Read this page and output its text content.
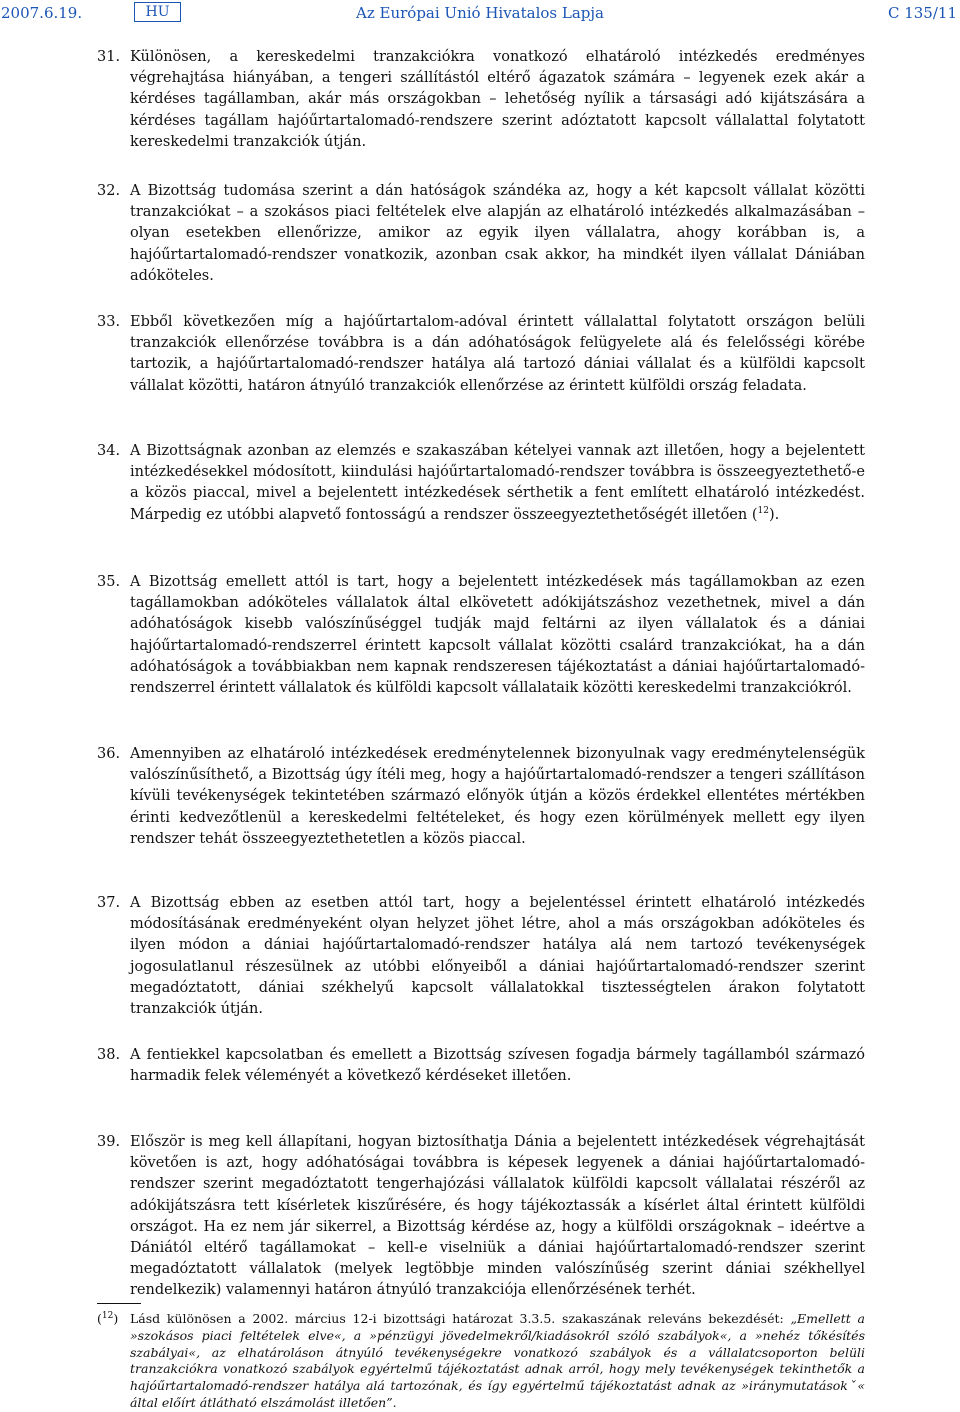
2007.6.19.	HU	Az Európai Unió Hivatalos Lapja	C 135/11
31. Különösen, a kereskedelmi tranzakciókra vonatkozó elhatároló intézkedés eredményes végrehajtása hiányában, a tengeri szállítástól eltérő ágazatok számára – legyenek ezek akár a kérdéses tagállamban, akár más országokban – lehetőség nyílik a társasági adó kijátszására a kérdéses tagállam hajóűrtartalomadó-rendszere szerint adóztatott kapcsolt vállalattal folytatott kereskedelmi tranzakciók útján.
32. A Bizottság tudomása szerint a dán hatóságok szándéka az, hogy a két kapcsolt vállalat közötti tranzakciókat – a szokásos piaci feltételek elve alapján az elhatároló intézkedés alkalmazásában – olyan esetekben ellenőrizze, amikor az egyik ilyen vállalatra, ahogy korábban is, a hajóűrtartalomadó-rendszer vonatkozik, azonban csak akkor, ha mindkét ilyen vállalat Dániában adóköteles.
33. Ebből következően míg a hajóűrtartalom-adóval érintett vállalattal folytatott országon belüli tranzakciók ellenőrzése továbbra is a dán adóhatóságok felügyelete alá és felelősségi körébe tartozik, a hajóűrtartalomadó-rendszer hatálya alá tartozó dániai vállalat és a külföldi kapcsolt vállalat közötti, határon átnyúló tranzakciók ellenőrzése az érintett külföldi ország feladata.
34. A Bizottságnak azonban az elemzés e szakaszában kételyei vannak azt illetően, hogy a bejelentett intézkedésekkel módosított, kiindulási hajóűrtartalomadó-rendszer továbbra is összeegyeztethető-e a közös piaccal, mivel a bejelentett intézkedések sérthetik a fent említett elhatároló intézkedést. Márpedig ez utóbbi alapvető fontosságú a rendszer összeegyeztethetőségét illetően ($^{12}$).
35. A Bizottság emellett attól is tart, hogy a bejelentett intézkedések más tagállamokban az ezen tagállamokban adóköteles vállalatok által elkövetett adókijátszáshoz vezethetnek, mivel a dán adóhatóságok kisebb valószínűséggel tudják majd feltárni az ilyen vállalatok és a dániai hajóűrtartalomadó-rendszerrel érintett kapcsolt vállalat közötti csalárd tranzakciókat, ha a dán adóhatóságok a továbbiakban nem kapnak rendszeresen tájékoztatást a dániai hajóűrtartalomadó-rendszerrel érintett vállalatok és külföldi kapcsolt vállalataik közötti kereskedelmi tranzakciókról.
36. Amennyiben az elhatároló intézkedések eredménytelennek bizonyulnak vagy eredménytelenségük valószínűsíthető, a Bizottság úgy ítéli meg, hogy a hajóűrtartalomadó-rendszer a tengeri szállításon kívüli tevékenységek tekintetében származó előnyök útján a közös érdekkel ellentétes mértékben érinti kedvezőtlenül a kereskedelmi feltételeket, és hogy ezen körülmények mellett egy ilyen rendszer tehát összeegyeztethetetlen a közös piaccal.
37. A Bizottság ebben az esetben attól tart, hogy a bejelentéssel érintett elhatároló intézkedés módosításának eredményeként olyan helyzet jöhet létre, ahol a más országokban adóköteles és ilyen módon a dániai hajóűrtartalomadó-rendszer hatálya alá nem tartozó tevékenységek jogosulatlanul részesülnek az utóbbi előnyeiből a dániai hajóűrtartalomadó-rendszer szerint megadóztatott, dániai székhelyű kapcsolt vállalatokkal tisztességtelen árakon folytatott tranzakciók útján.
38. A fentiekkel kapcsolatban és emellett a Bizottság szívesen fogadja bármely tagállamból származó harmadik felek véleményét a következő kérdéseket illetően.
39. Először is meg kell állapítani, hogyan biztosíthatja Dánia a bejelentett intézkedések végrehajtását követően is azt, hogy adóhatóságai továbbra is képesek legyenek a dániai hajóűrtartalomadó-rendszer szerint megadóztatott tengerhajózási vállalatok külföldi kapcsolt vállalatai részéről az adókijátszásra tett kísérletek kiszűrésére, és hogy tájékoztassák a kísérlet által érintett külföldi országot. Ha ez nem jár sikerrel, a Bizottság kérdése az, hogy a külföldi országoknak – ideértve a Dániától eltérő tagállamokat – kell-e viselniük a dániai hajóűrtartalomadó-rendszer szerint megadóztatott vállalatok (melyek legtöbbje minden valószínűség szerint dániai székhellyel rendelkezik) valamennyi határon átnyúló tranzakciója ellenőrzésének terhét.
($^{12}$) Lásd különösen a 2002. március 12-i bizottsági határozat 3.3.5. szakaszának releváns bekezdését: „Emellett a »szokásos piaci feltételek elve«, a »pénzügyi jövedelmekről/kiadásokról szóló szabályok«, a »nehéz tőkésítés szabályai«, az elhatároláson átnyúló tevékenységekre vonatkozó szabályok és a vállalatcsoporton belüli tranzakciókra vonatkozó szabályok egyértelmű tájékoztatást adnak arról, hogy mely tevékenységek tekinthetők a hajóűrtartalomadó-rendszer hatálya alá tartozónak, és így egyértelmű tájékoztatást adnak az »iránymutatásokˇ« által előírt átlátható elszámolást illetően”.
